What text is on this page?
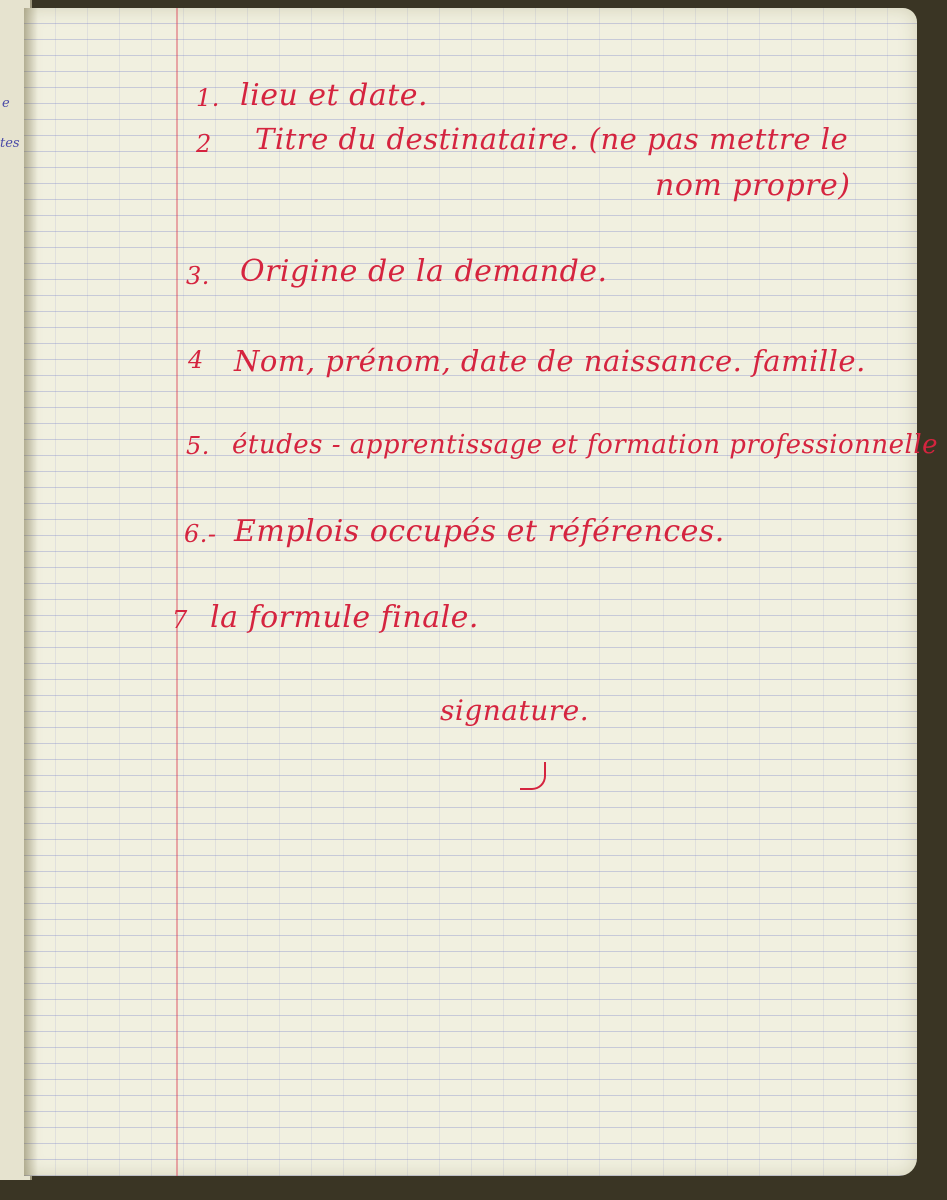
e
tes
1. lieu et date.
2 Titre du destinataire. (ne pas mettre le
nom propre)
3. Origine de la demande.
4 Nom, prénom, date de naissance. famille.
5. études - apprentissage et formation professionnelle
6.- Emplois occupés et références.
7 la formule finale.
signature.
